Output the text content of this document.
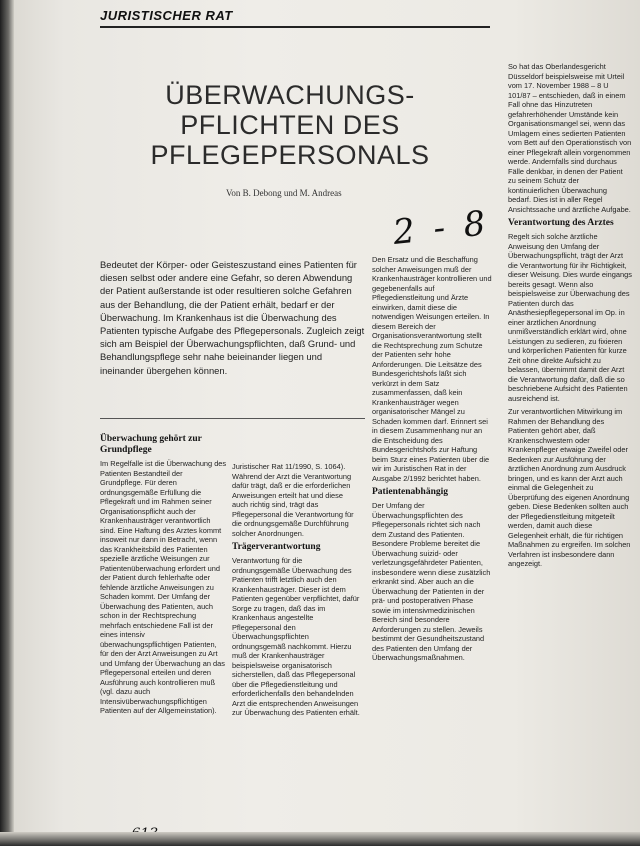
JURISTISCHER RAT
ÜBERWACHUNGS-
PFLICHTEN DES
PFLEGEPERSONALS
Von B. Debong und M. Andreas
2 - 8
Bedeutet der Körper- oder Geisteszustand eines Patienten für diesen selbst oder andere eine Gefahr, so deren Abwendung der Patient außerstande ist oder resultieren solche Gefahren aus der Behandlung, die der Patient erhält, bedarf er der Überwachung. Im Krankenhaus ist die Überwachung des Patienten typische Aufgabe des Pflegepersonals. Zugleich zeigt sich am Beispiel der Überwachungspflichten, daß Grund- und Behandlungspflege sehr nahe beieinander liegen und ineinander übergehen können.
Überwachung gehört zur Grundpflege

Im Regelfalle ist die Überwachung des Patienten Bestandteil der Grundpflege. Für deren ordnungsgemäße Erfüllung die Pflegekraft und im Rahmen seiner Organisationspflicht auch der Krankenhausträger verantwortlich sind. Eine Haftung des Arztes kommt insoweit nur dann in Betracht, wenn das Krankheitsbild des Patienten spezielle ärztliche Weisungen zur Patientenüberwachung erfordert und der Patient durch fehlerhafte oder fehlende ärztliche Anweisungen zu Schaden kommt. Der Umfang der Überwachung des Patienten, auch schon in der Rechtsprechung mehrfach entschiedene Fall ist der eines intensiv überwachungspflichtigen Patienten, für den der Arzt Anweisungen zu Art und Umfang der Überwachung an das Pflegepersonal erteilen und deren Ausführung auch kontrollieren muß (vgl. dazu auch Intensivüberwachungspflichtigen Patienten auf der Allgemeinstation).

Juristischer Rat 11/1990, S. 1064). Während der Arzt die Verantwortung dafür trägt, daß er die erforderlichen Anweisungen erteilt hat und diese auch richtig sind, trägt das Pflegepersonal die Verantwortung für die ordnungsgemäße Durchführung solcher Anordnungen.

Trägerverantwortung

Verantwortung für die ordnungsgemäße Überwachung des Patienten trifft letztlich auch den Krankenhausträger. Dieser ist dem Patienten gegenüber verpflichtet, dafür Sorge zu tragen, daß das im Krankenhaus angestellte Pflegepersonal den Überwachungspflichten ordnungsgemäß nachkommt. Hierzu muß der Krankenhausträger beispielsweise organisatorisch sicherstellen, daß das Pflegepersonal über die Pflegedienstleitung und erforderlichenfalls den behandelnden Arzt die entsprechenden Anweisungen zur Überwachung des Patienten erhält.

Den Ersatz und die Beschaffung solcher Anweisungen muß der Krankenhausträger kontrollieren und gegebenenfalls auf Pflegedienstleitung und Ärzte einwirken, damit diese die notwendigen Weisungen erteilen. In diesem Bereich der Organisationsverantwortung stellt die Rechtsprechung zum Schutze der Patienten sehr hohe Anforderungen. Die Leitsätze des Bundesgerichtshofs läßt sich verkürzt in dem Satz zusammenfassen, daß kein Krankenhausträger wegen organisatorischer Mängel zu Schaden kommen darf. Erinnert sei in diesem Zusammenhang nur an die Entscheidung des Bundesgerichtshofs zur Haftung beim Sturz eines Patienten über die wir im Juristischen Rat in der Ausgabe 2/1992 berichtet haben.

Patientenabhängig

Der Umfang der Überwachungspflichten des Pflegepersonals richtet sich nach dem Zustand des Patienten. Besondere Probleme bereitet die Überwachung suizid- oder verletzungsgefährdeter Patienten, insbesondere wenn diese zusätzlich erkrankt sind. Aber auch an die Überwachung der Patienten in der prä- und postoperativen Phase sowie im intensivmedizinischen Bereich sind besondere Anforderungen zu stellen. Jeweils bestimmt der Gesundheitszustand des Patienten den Umfang der Überwachungsmaßnahmen.

So hat das Oberlandesgericht Düsseldorf beispielsweise mit Urteil vom 17. November 1988 – 8 U 101/87 – entschieden, daß in einem Fall ohne das Hinzutreten gefahrerhöhender Umstände kein Organisationsmangel sei, wenn das Umlagern eines sedierten Patienten vom Bett auf den Operationstisch von einer Pflegekraft allein vorgenommen werde. Andernfalls sind durchaus Fälle denkbar, in denen der Patient zu seinem Schutz der kontinuierlichen Überwachung bedarf. Dies ist in aller Regel Ansichtssache und ärztliche Aufgabe.

Verantwortung des Arztes

Regelt sich solche ärztliche Anweisung den Umfang der Überwachungspflicht, trägt der Arzt die Verantwortung für ihr Richtigkeit, dieser Weisung. Dies wurde eingangs bereits gesagt. Wenn also beispielsweise zur Überwachung des Patienten durch das Anästhesiepflegepersonal im Op. in einer ärztlichen Anordnung unmißverständlich erklärt wird, ohne Leistungen zu sedieren, zu fixieren und körperlichen Patienten für kurze Zeit ohne direkte Aufsicht zu belassen, übernimmt damit der Arzt die Verantwortung dafür, daß die so beschriebene Aufsicht des Patienten ausreichend ist.

Zur verantwortlichen Mitwirkung im Rahmen der Behandlung des Patienten gehört aber, daß Krankenschwestern oder Krankenpfleger etwaige Zweifel oder Bedenken zur Ausführung der ärztlichen Anordnung zum Ausdruck bringen, und es kann der Arzt auch einmal die Gelegenheit zu Überprüfung des eigenen Anordnung geben. Diese Bedenken sollten auch der Pflegedienstleitung mitgeteilt werden, damit auch diese Gelegenheit erhält, die für richtigen Maßnahmen zu ergreifen. Im solchen Verfahren ist insbesondere dann angezeigt.
